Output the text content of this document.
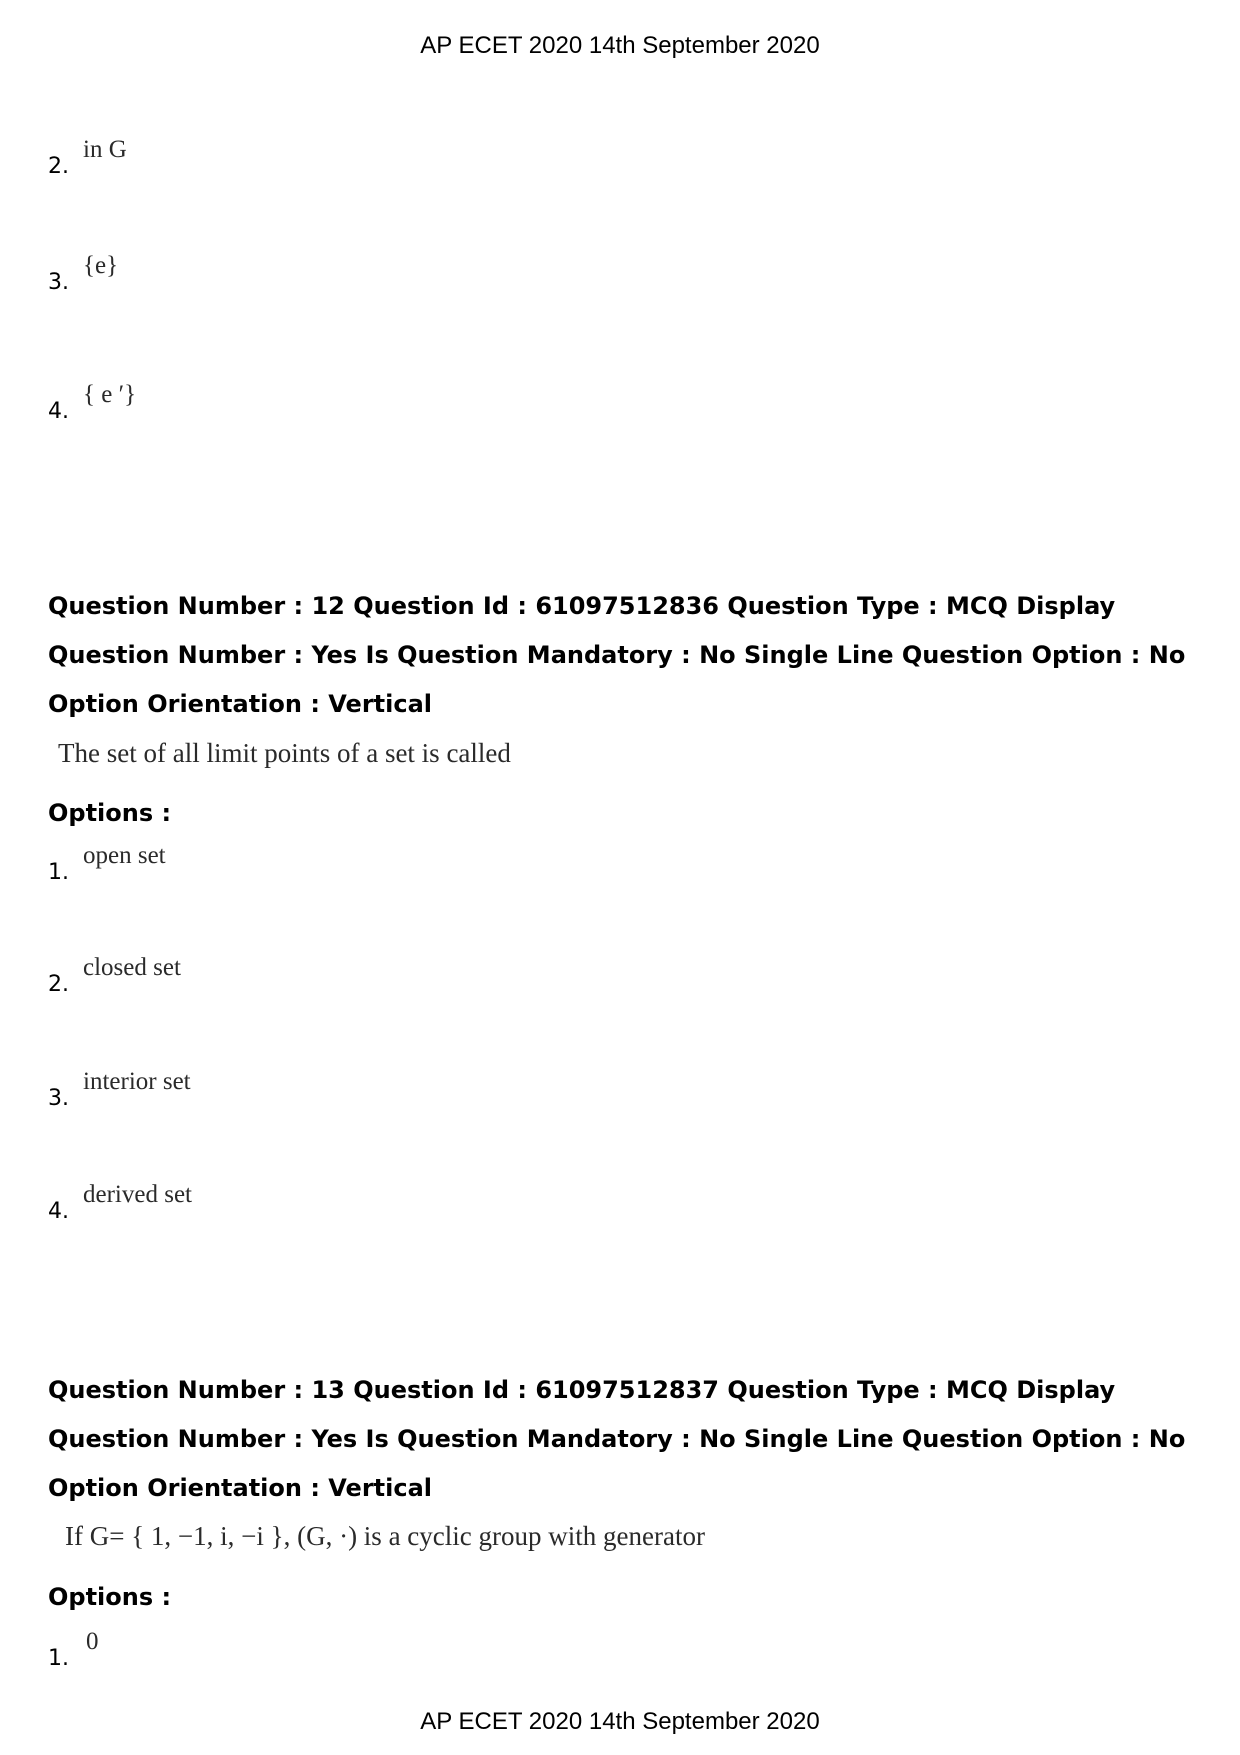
AP ECET 2020 14th September 2020
2.
in G
3.
{e}
4.
{ e ′}
Question Number : 12 Question Id : 61097512836 Question Type : MCQ Display Question Number : Yes Is Question Mandatory : No Single Line Question Option : No Option Orientation : Vertical
The set of all limit points of a set is called
Options :
1.
open set
2.
closed set
3.
interior set
4.
derived set
Question Number : 13 Question Id : 61097512837 Question Type : MCQ Display Question Number : Yes Is Question Mandatory : No Single Line Question Option : No Option Orientation : Vertical
If G= { 1, −1, i, −i }, (G, ·) is a cyclic group with generator
Options :
1.
0
AP ECET 2020 14th September 2020
